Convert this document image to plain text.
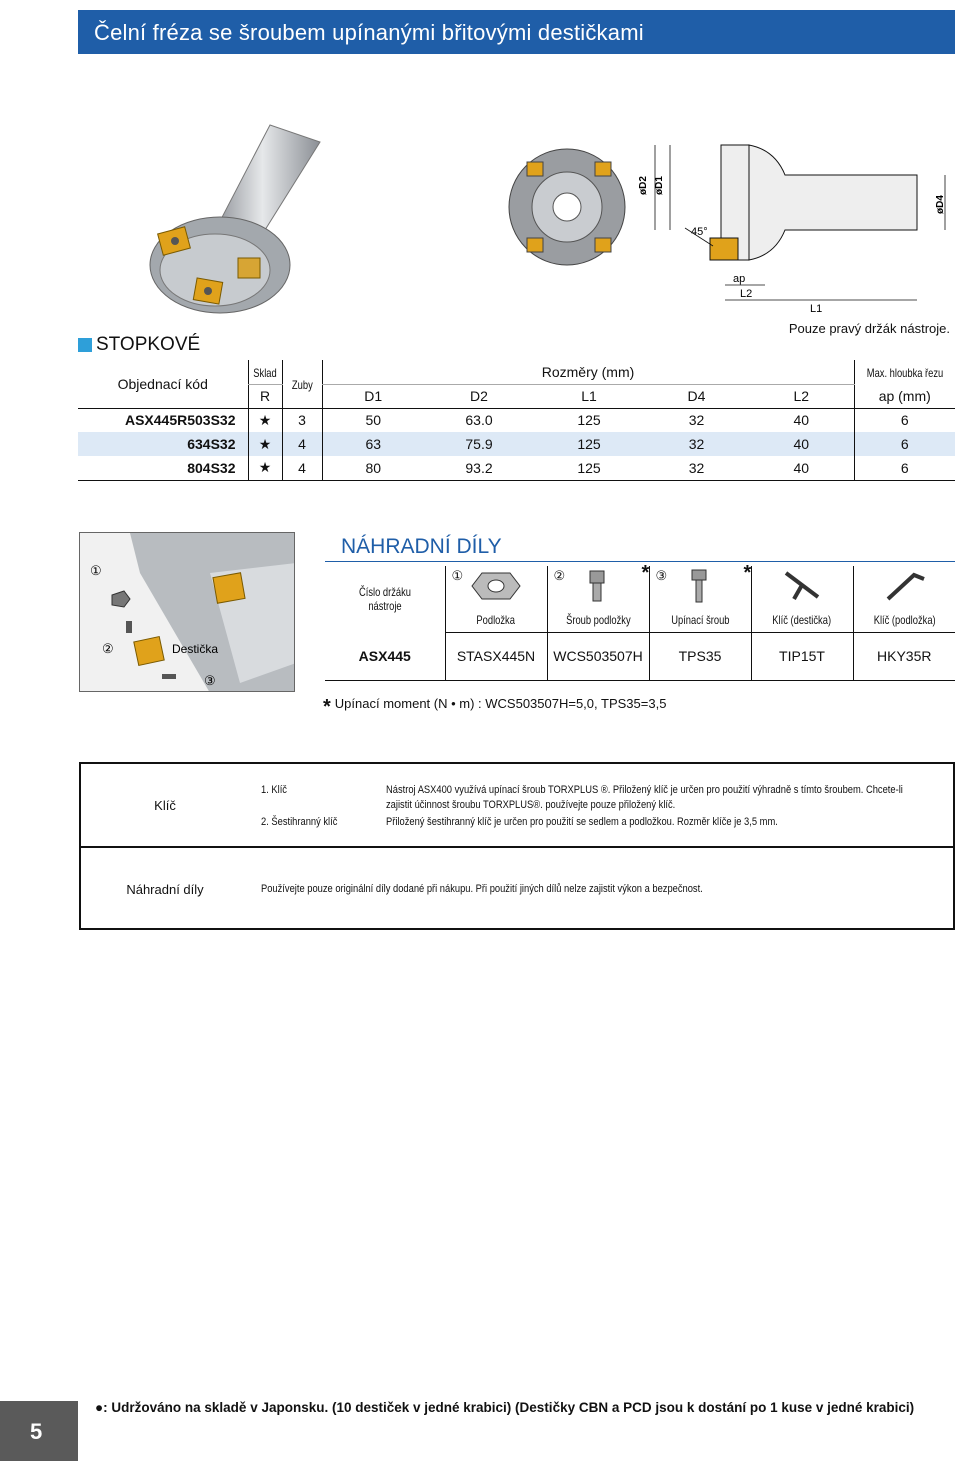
Čelní fréza se šroubem upínanými břitovými destičkami
øD2 øD1
øD4
45°
ap
L2
L1
Pouze pravý držák nástroje.
STOPKOVÉ
Objednací kód	Sklad	Zuby	Rozměry (mm)					Max. hloubka řezu
	R		D1	D2	L1	D4	L2	ap (mm)
ASX445R503S32	★	3	50	63.0	125	32	40	6
634S32	★	4	63	75.9	125	32	40	6
804S32	★	4	80	93.2	125	32	40	6
①
②
③
Destička
NÁHRADNÍ DÍLY
Číslo držáku nástroje	①	②	* ③	*

	Podložka	Šroub podložky	Upínací šroub	Klíč (destička)	Klíč (podložka)
ASX445	STASX445N	WCS503507H	TPS35	TIP15T	HKY35R
* Upínací moment (N • m) : WCS503507H=5,0, TPS35=3,5
Klíč
1. Klíč	Nástroj ASX400 využívá upínací šroub TORXPLUS ®. Přiložený klíč je určen pro použití výhradně s tímto šroubem. Chcete-li
zajistit účinnost šroubu TORXPLUS®. používejte pouze přiložený klíč.
2. Šestihranný klíč	Přiložený šestihranný klíč je určen pro použití se sedlem a podložkou. Rozměr klíče je 3,5 mm.
Náhradní díly	Používejte pouze originální díly dodané při nákupu. Při použití jiných dílů nelze zajistit výkon a bezpečnost.
5
●: Udržováno na skladě v Japonsku. (10 destiček v jedné krabici) (Destičky CBN a PCD jsou k dostání po 1 kuse v jedné krabici)
